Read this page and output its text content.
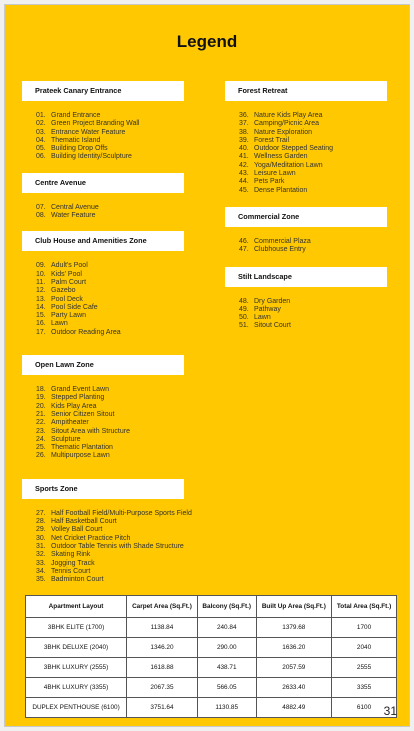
Legend
Prateek Canary Entrance
01. Grand Entrance
02. Green Project Branding Wall
03. Entrance Water Feature
04. Thematic Island
05. Building Drop Offs
06. Building Identity/Sculpture
Centre Avenue
07. Central Avenue
08. Water Feature
Club House and Amenities Zone
09. Adult's Pool
10. Kids' Pool
11. Palm Court
12. Gazebo
13. Pool Deck
14. Pool Side Cafe
15. Party Lawn
16. Lawn
17. Outdoor Reading Area
Open Lawn Zone
18. Grand Event Lawn
19. Stepped Planting
20. Kids Play Area
21. Senior Citizen Sitout
22. Ampitheater
23. Sitout Area with Structure
24. Sculpture
25. Thematic Plantation
26. Multipurpose Lawn
Sports Zone
27. Half Football Field/Multi-Purpose Sports Field
28. Half Basketball Court
29. Volley Ball Court
30. Net Cricket Practice Pitch
31. Outdoor Table Tennis with Shade Structure
32. Skating Rink
33. Jogging Track
34. Tennis Court
35. Badminton Court
Forest Retreat
36. Nature Kids Play Area
37. Camping/Picnic Area
38. Nature Exploration
39. Forest Trail
40. Outdoor Stepped Seating
41. Wellness Garden
42. Yoga/Meditation Lawn
43. Leisure Lawn
44. Pets Park
45. Dense Plantation
Commercial Zone
46. Commercial Plaza
47. Clubhouse Entry
Stilt Landscape
48. Dry Garden
49. Pathway
50. Lawn
51. Sitout Court
Apartment Layout	Carpet Area (Sq.Ft.)	Balcony (Sq.Ft.)	Built Up Area (Sq.Ft.)	Total Area (Sq.Ft.)
3BHK ELITE (1700)	1138.84	240.84	1379.68	1700
3BHK DELUXE (2040)	1346.20	290.00	1636.20	2040
3BHK LUXURY (2555)	1618.88	438.71	2057.59	2555
4BHK LUXURY (3355)	2067.35	566.05	2633.40	3355
DUPLEX PENTHOUSE (6100)	3751.64	1130.85	4882.49	6100 31
